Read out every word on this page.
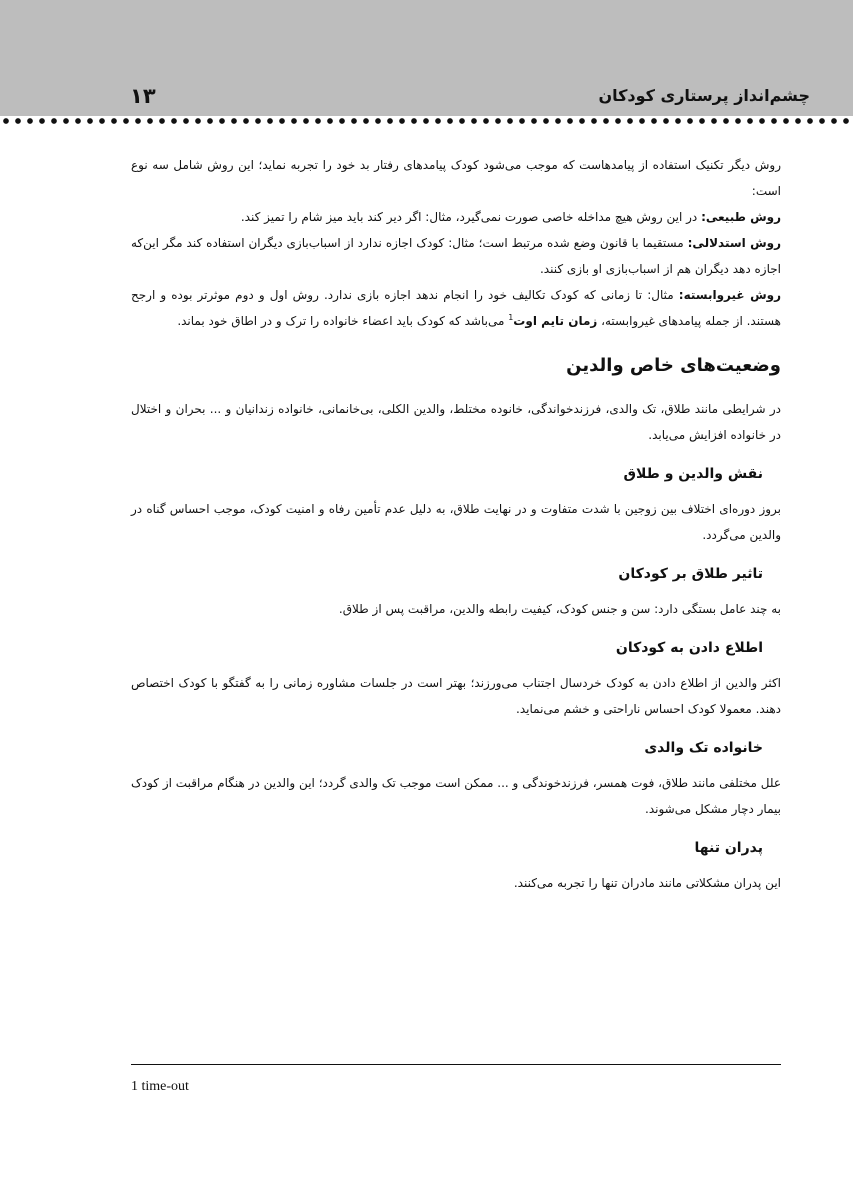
چشم‌انداز پرستاری کودکان
۱۳

روش دیگر تکنیک استفاده از پیامدهاست که موجب می‌شود کودک پیامدهای رفتار بد خود را تجربه نماید؛ این روش شامل سه نوع است:

روش طبیعی: در این روش هیچ مداخله خاصی صورت نمی‌گیرد، مثال: اگر دیر کند باید میز شام را تمیز کند.

روش استدلالی: مستقیما با قانون وضع شده مرتبط است؛ مثال: کودک اجازه ندارد از اسباب‌بازی دیگران استفاده کند مگر این‌که اجازه دهد دیگران هم از اسباب‌بازی او بازی کنند.

روش غیروابسته: مثال: تا زمانی که کودک تکالیف خود را انجام ندهد اجازه بازی ندارد. روش اول و دوم موثرتر بوده و ارجح هستند. از جمله پیامدهای غیروابسته، زمان تایم اوت$^1$ می‌باشد که کودک باید اعضاء خانواده را ترک و در اطاق خود بماند.

وضعیت‌های خاص والدین

در شرایطی مانند طلاق، تک والدی، فرزندخواندگی، خانوده مختلط، والدین الکلی، بی‌خانمانی، خانواده زندانیان و ... بحران و اختلال در خانواده افزایش می‌یابد.

نقش والدین و طلاق

بروز دوره‌ای اختلاف بین زوجین با شدت متفاوت و در نهایت طلاق، به دلیل عدم تأمین رفاه و امنیت کودک، موجب احساس گناه در والدین می‌گردد.

تاثیر طلاق بر کودکان

به چند عامل بستگی دارد: سن و جنس کودک، کیفیت رابطه والدین، مراقبت پس از طلاق.

اطلاع دادن به کودکان

اکثر والدین از اطلاع دادن به کودک خردسال اجتناب می‌ورزند؛ بهتر است در جلسات مشاوره زمانی را به گفتگو با کودک اختصاص دهند. معمولا کودک احساس ناراحتی و خشم می‌نماید.

خانواده تک والدی

علل مختلفی مانند طلاق، فوت همسر، فرزندخوندگی و ... ممکن است موجب تک والدی گردد؛ این والدین در هنگام مراقبت از کودک بیمار دچار مشکل می‌شوند.

پدران تنها

این پدران مشکلاتی مانند مادران تنها را تجربه می‌کنند.

1 time-out
